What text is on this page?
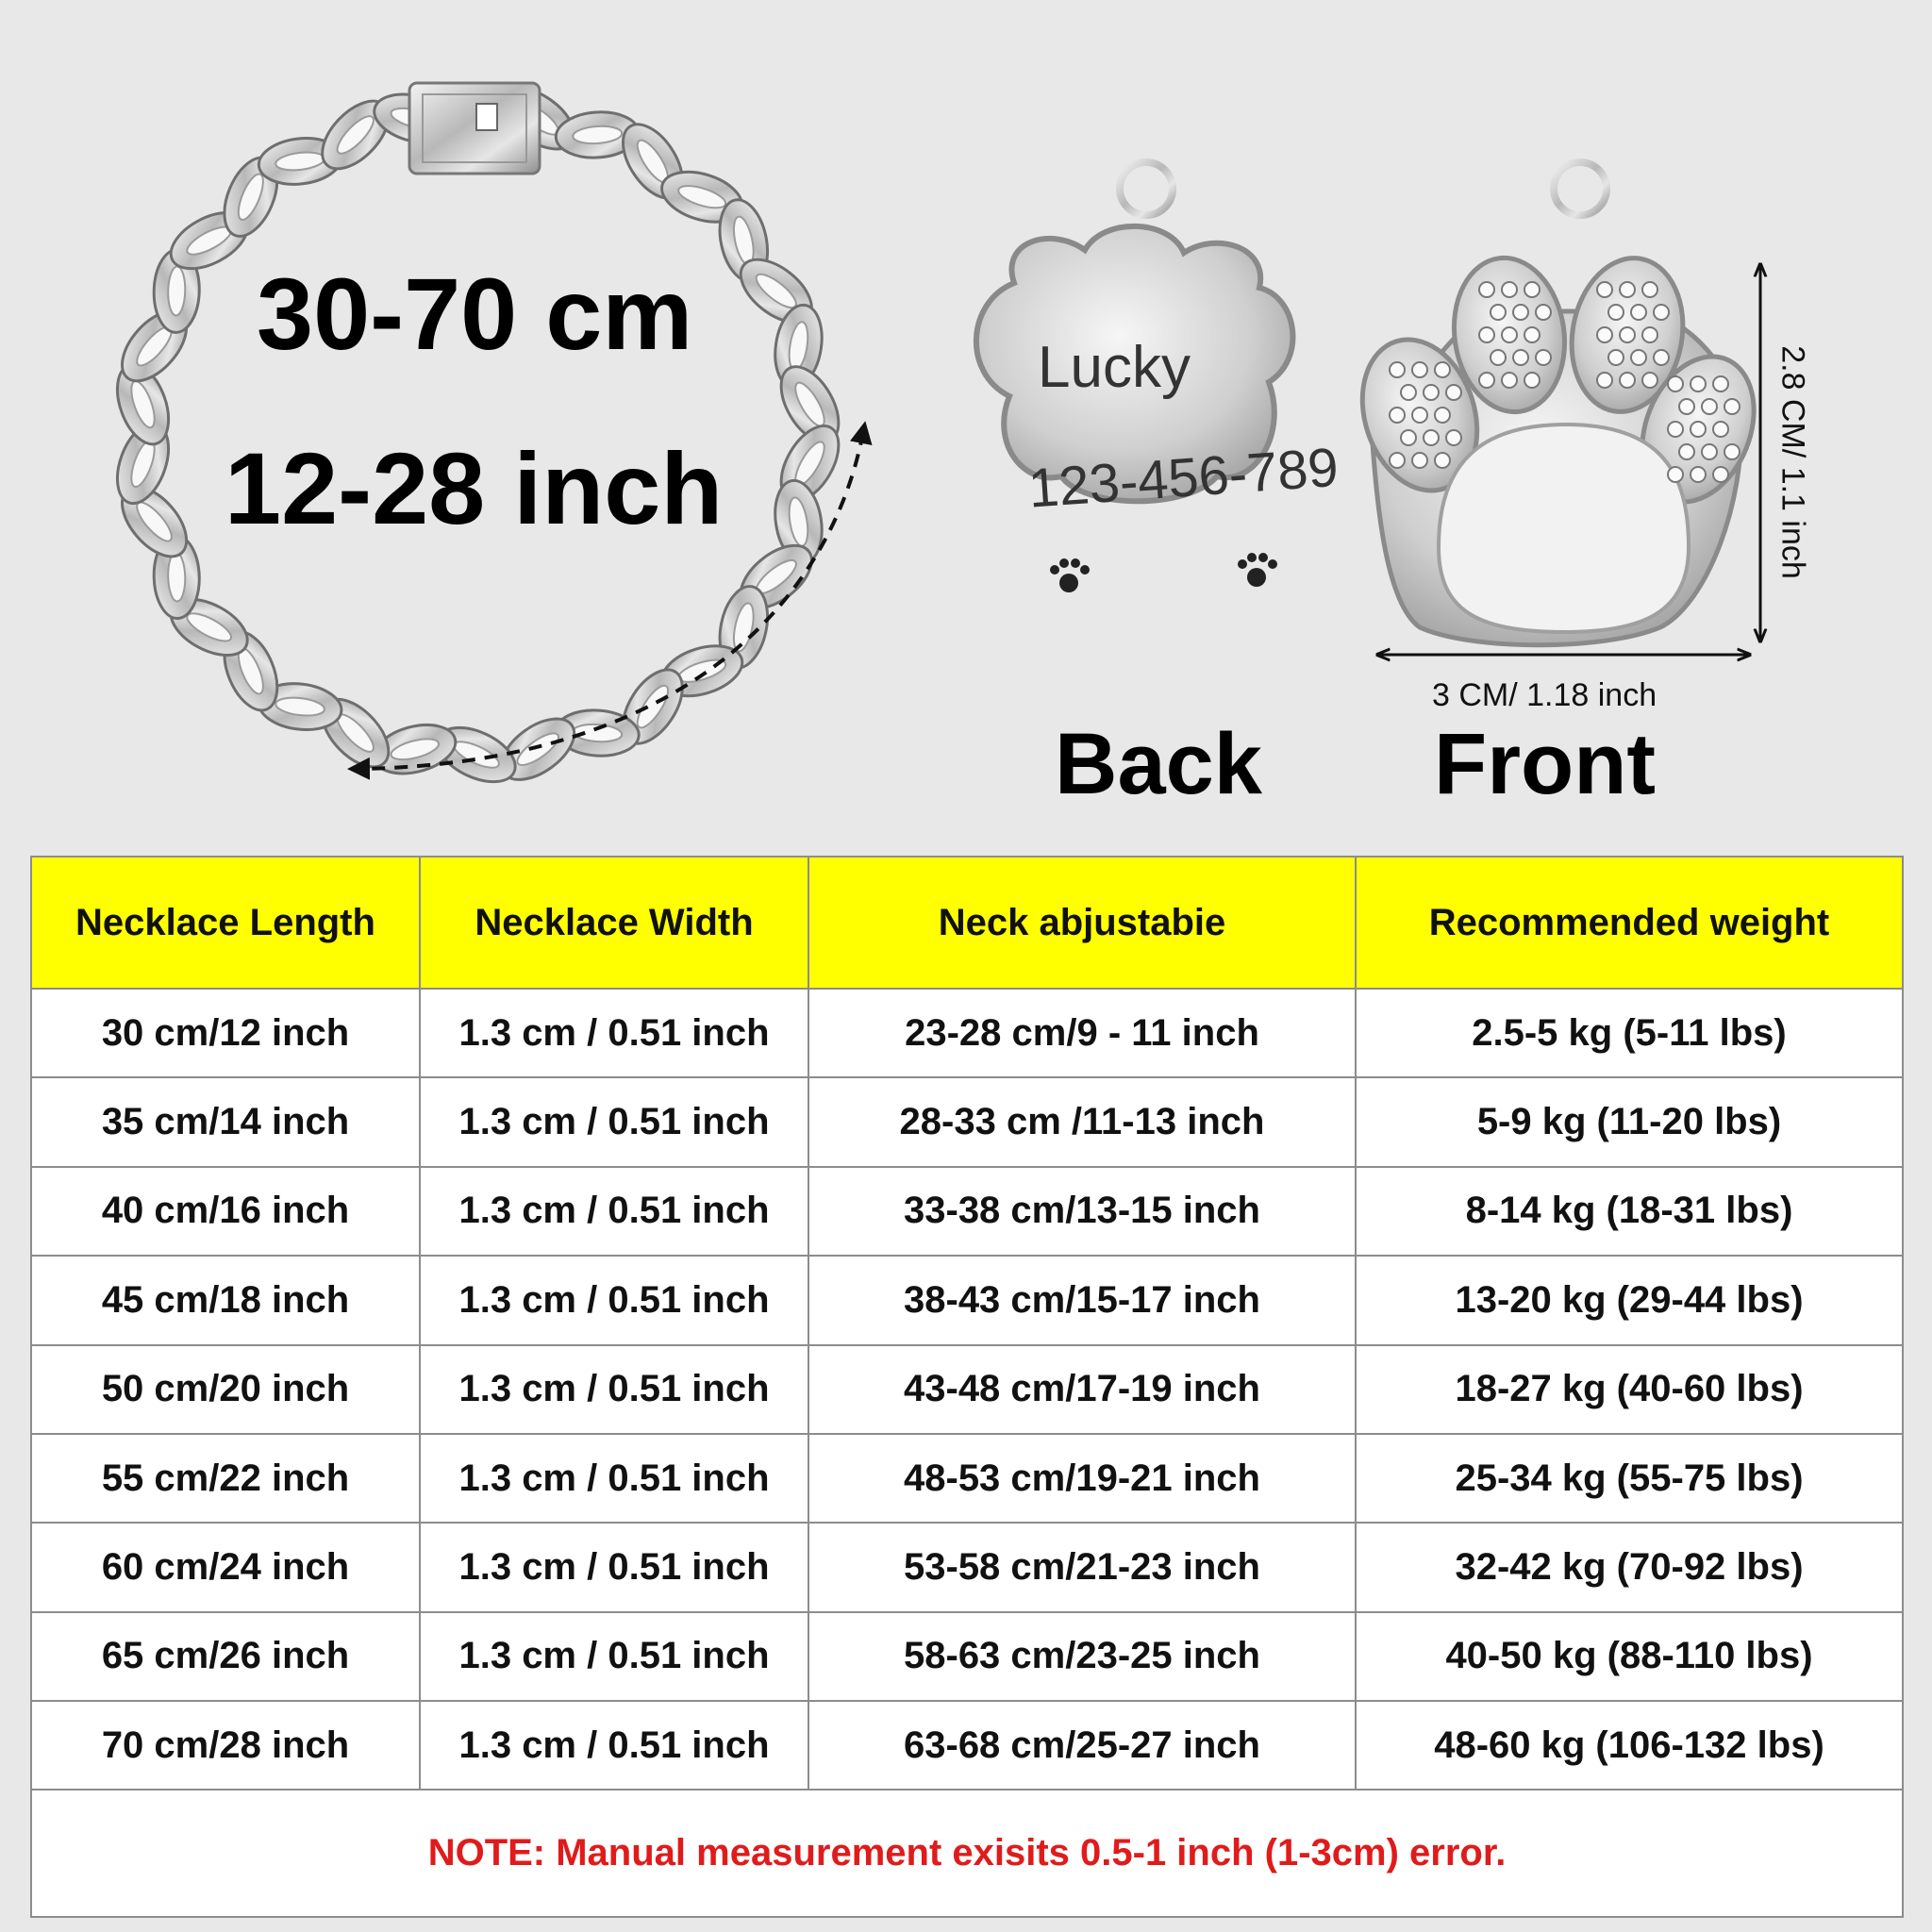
Lucky
123-456-789
30-70 cm
12-28 inch
Back Front
3 CM/ 1.18 inch
2.8 CM/ 1.1 inch
Necklace Length	Necklace Width	Neck abjustabie	Recommended weight
30 cm/12 inch	1.3 cm / 0.51 inch	23-28 cm/9 - 11 inch	2.5-5 kg (5-11 lbs)
35 cm/14 inch	1.3 cm / 0.51 inch	28-33 cm /11-13 inch	5-9 kg (11-20 lbs)
40 cm/16 inch	1.3 cm / 0.51 inch	33-38 cm/13-15 inch	8-14 kg (18-31 lbs)
45 cm/18 inch	1.3 cm / 0.51 inch	38-43 cm/15-17 inch	13-20 kg (29-44 lbs)
50 cm/20 inch	1.3 cm / 0.51 inch	43-48 cm/17-19 inch	18-27 kg (40-60 lbs)
55 cm/22 inch	1.3 cm / 0.51 inch	48-53 cm/19-21 inch	25-34 kg (55-75 lbs)
60 cm/24 inch	1.3 cm / 0.51 inch	53-58 cm/21-23 inch	32-42 kg (70-92 lbs)
65 cm/26 inch	1.3 cm / 0.51 inch	58-63 cm/23-25 inch	40-50 kg (88-110 lbs)
70 cm/28 inch	1.3 cm / 0.51 inch	63-68 cm/25-27 inch	48-60 kg (106-132 lbs)
NOTE: Manual measurement exisits 0.5-1 inch (1-3cm) error.			
